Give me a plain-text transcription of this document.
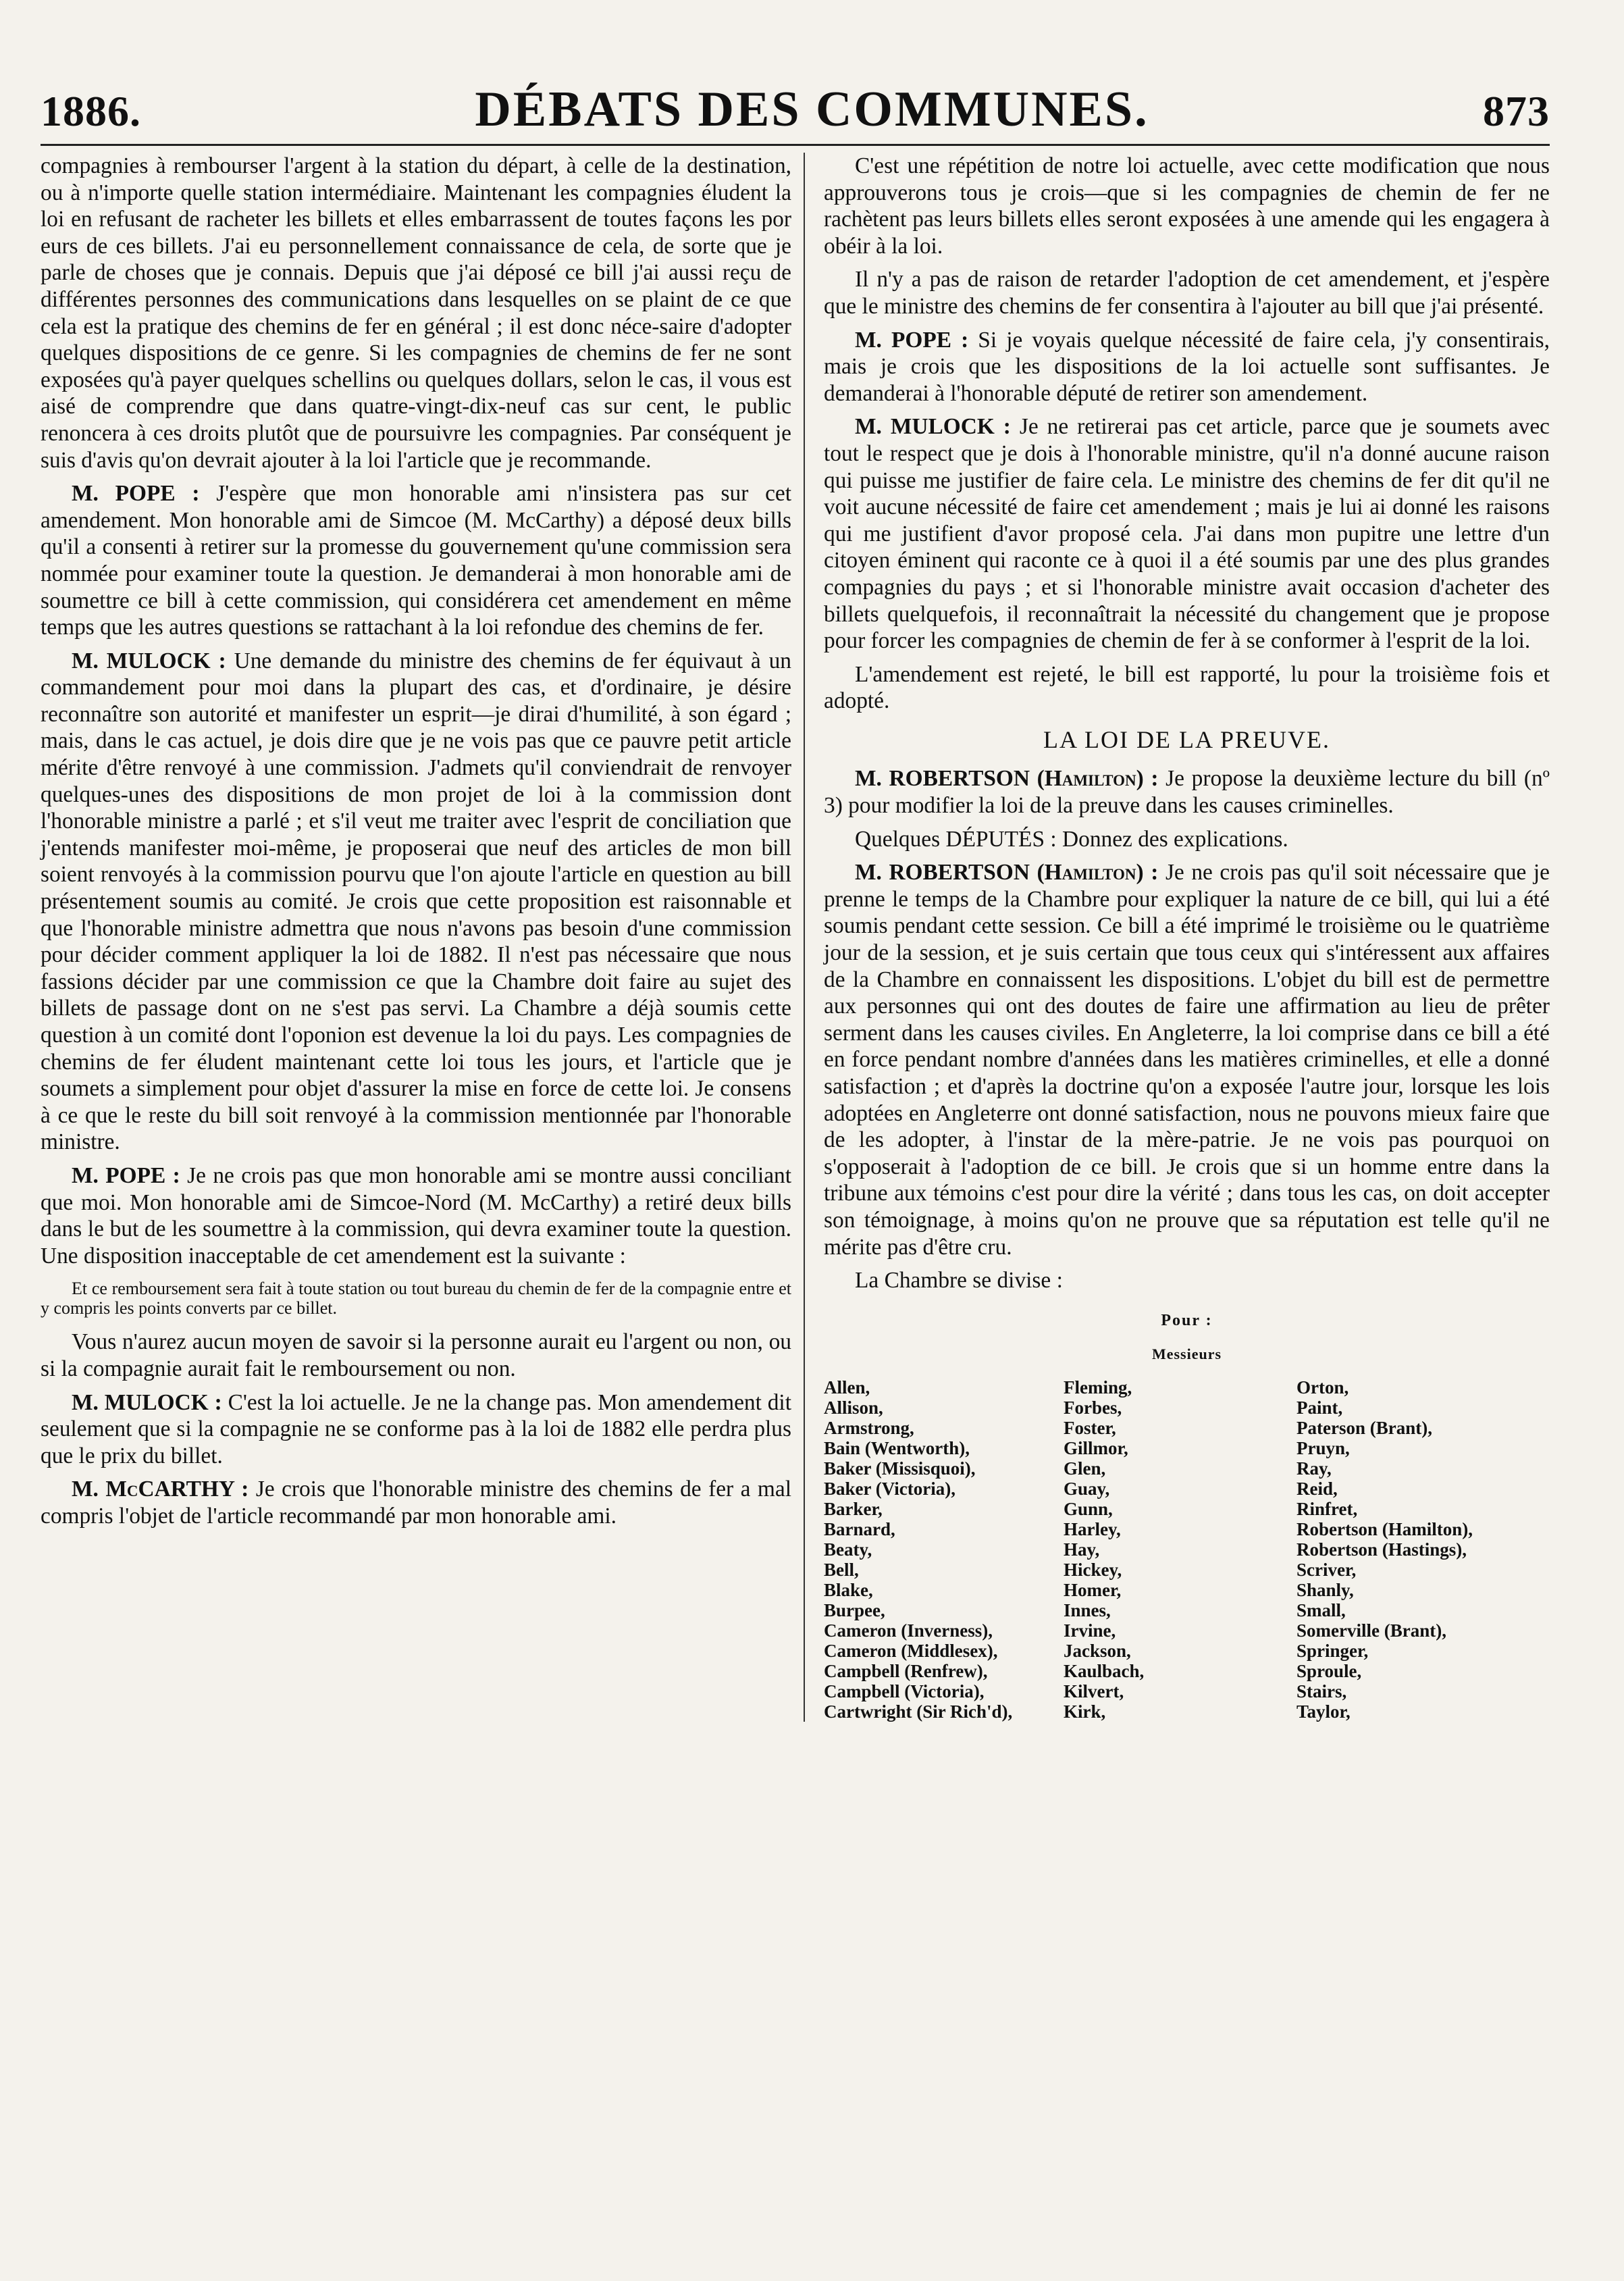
1886.	DÉBATS DES COMMUNES.	873

compagnies à rembourser l'argent à la station du départ, à celle de la destination, ou à n'importe quelle station intermédiaire. Maintenant les compagnies éludent la loi en refusant de racheter les billets et elles embarrassent de toutes façons les por eurs de ces billets. J'ai eu personnellement connaissance de cela, de sorte que je parle de choses que je connais. Depuis que j'ai déposé ce bill j'ai aussi reçu de différentes personnes des communications dans lesquelles on se plaint de ce que cela est la pratique des chemins de fer en général ; il est donc néce-saire d'adopter quelques dispositions de ce genre. Si les compagnies de chemins de fer ne sont exposées qu'à payer quelques schellins ou quelques dollars, selon le cas, il vous est aisé de comprendre que dans quatre-vingt-dix-neuf cas sur cent, le public renoncera à ces droits plutôt que de poursuivre les compagnies. Par conséquent je suis d'avis qu'on devrait ajouter à la loi l'article que je recommande.

M. POPE : J'espère que mon honorable ami n'insistera pas sur cet amendement. Mon honorable ami de Simcoe (M. McCarthy) a déposé deux bills qu'il a consenti à retirer sur la promesse du gouvernement qu'une commission sera nommée pour examiner toute la question. Je demanderai à mon honorable ami de soumettre ce bill à cette commission, qui considérera cet amendement en même temps que les autres questions se rattachant à la loi refondue des chemins de fer.

M. MULOCK : Une demande du ministre des chemins de fer équivaut à un commandement pour moi dans la plupart des cas, et d'ordinaire, je désire reconnaître son autorité et manifester un esprit—je dirai d'humilité, à son égard ; mais, dans le cas actuel, je dois dire que je ne vois pas que ce pauvre petit article mérite d'être renvoyé à une commission. J'admets qu'il conviendrait de renvoyer quelques-unes des dispositions de mon projet de loi à la commission dont l'honorable ministre a parlé ; et s'il veut me traiter avec l'esprit de conciliation que j'entends manifester moi-même, je proposerai que neuf des articles de mon bill soient renvoyés à la commission pourvu que l'on ajoute l'article en question au bill présentement soumis au comité. Je crois que cette proposition est raisonnable et que l'honorable ministre admettra que nous n'avons pas besoin d'une commission pour décider comment appliquer la loi de 1882. Il n'est pas nécessaire que nous fassions décider par une commission ce que la Chambre doit faire au sujet des billets de passage dont on ne s'est pas servi. La Chambre a déjà soumis cette question à un comité dont l'oponion est devenue la loi du pays. Les compagnies de chemins de fer éludent maintenant cette loi tous les jours, et l'article que je soumets a simplement pour objet d'assurer la mise en force de cette loi. Je consens à ce que le reste du bill soit renvoyé à la commission mentionnée par l'honorable ministre.

M. POPE : Je ne crois pas que mon honorable ami se montre aussi conciliant que moi. Mon honorable ami de Simcoe-Nord (M. McCarthy) a retiré deux bills dans le but de les soumettre à la commission, qui devra examiner toute la question. Une disposition inacceptable de cet amendement est la suivante :

Et ce remboursement sera fait à toute station ou tout bureau du chemin de fer de la compagnie entre et y compris les points converts par ce billet.

Vous n'aurez aucun moyen de savoir si la personne aurait eu l'argent ou non, ou si la compagnie aurait fait le remboursement ou non.

M. MULOCK : C'est la loi actuelle. Je ne la change pas. Mon amendement dit seulement que si la compagnie ne se conforme pas à la loi de 1882 elle perdra plus que le prix du billet.

M. McCARTHY : Je crois que l'honorable ministre des chemins de fer a mal compris l'objet de l'article recommandé par mon honorable ami.

C'est une répétition de notre loi actuelle, avec cette modification que nous approuverons tous je crois—que si les compagnies de chemin de fer ne rachètent pas leurs billets elles seront exposées à une amende qui les engagera à obéir à la loi.

Il n'y a pas de raison de retarder l'adoption de cet amendement, et j'espère que le ministre des chemins de fer consentira à l'ajouter au bill que j'ai présenté.

M. POPE : Si je voyais quelque nécessité de faire cela, j'y consentirais, mais je crois que les dispositions de la loi actuelle sont suffisantes. Je demanderai à l'honorable député de retirer son amendement.

M. MULOCK : Je ne retirerai pas cet article, parce que je soumets avec tout le respect que je dois à l'honorable ministre, qu'il n'a donné aucune raison qui puisse me justifier de faire cela. Le ministre des chemins de fer dit qu'il ne voit aucune nécessité de faire cet amendement ; mais je lui ai donné les raisons qui me justifient d'avor proposé cela. J'ai dans mon pupitre une lettre d'un citoyen éminent qui raconte ce à quoi il a été soumis par une des plus grandes compagnies du pays ; et si l'honorable ministre avait occasion d'acheter des billets quelquefois, il reconnaîtrait la nécessité du changement que je propose pour forcer les compagnies de chemin de fer à se conformer à l'esprit de la loi.

L'amendement est rejeté, le bill est rapporté, lu pour la troisième fois et adopté.

LA LOI DE LA PREUVE.

M. ROBERTSON (Hamilton) : Je propose la deuxième lecture du bill (nº 3) pour modifier la loi de la preuve dans les causes criminelles.

Quelques DÉPUTÉS : Donnez des explications.

M. ROBERTSON (Hamilton) : Je ne crois pas qu'il soit nécessaire que je prenne le temps de la Chambre pour expliquer la nature de ce bill, qui lui a été soumis pendant cette session. Ce bill a été imprimé le troisième ou le quatrième jour de la session, et je suis certain que tous ceux qui s'intéressent aux affaires de la Chambre en connaissent les dispositions. L'objet du bill est de permettre aux personnes qui ont des doutes de faire une affirmation au lieu de prêter serment dans les causes civiles. En Angleterre, la loi comprise dans ce bill a été en force pendant nombre d'années dans les matières criminelles, et elle a donné satisfaction ; et d'après la doctrine qu'on a exposée l'autre jour, lorsque les lois adoptées en Angleterre ont donné satisfaction, nous ne pouvons mieux faire que de les adopter, à l'instar de la mère-patrie. Je ne vois pas pourquoi on s'opposerait à l'adoption de ce bill. Je crois que si un homme entre dans la tribune aux témoins c'est pour dire la vérité ; dans tous les cas, on doit accepter son témoignage, à moins qu'on ne prouve que sa réputation est telle qu'il ne mérite pas d'être cru.

La Chambre se divise :

Pour :
Messieurs
Allen,	Fleming,	Orton,
Allison,	Forbes,	Paint,
Armstrong,	Foster,	Paterson (Brant),
Bain (Wentworth),	Gillmor,	Pruyn,
Baker (Missisquoi),	Glen,	Ray,
Baker (Victoria),	Guay,	Reid,
Barker,	Gunn,	Rinfret,
Barnard,	Harley,	Robertson (Hamilton),
Beaty,	Hay,	Robertson (Hastings),
Bell,	Hickey,	Scriver,
Blake,	Homer,	Shanly,
Burpee,	Innes,	Small,
Cameron (Inverness),	Irvine,	Somerville (Brant),
Cameron (Middlesex),	Jackson,	Springer,
Campbell (Renfrew),	Kaulbach,	Sproule,
Campbell (Victoria),	Kilvert,	Stairs,
Cartwright (Sir Rich'd),	Kirk,	Taylor,
